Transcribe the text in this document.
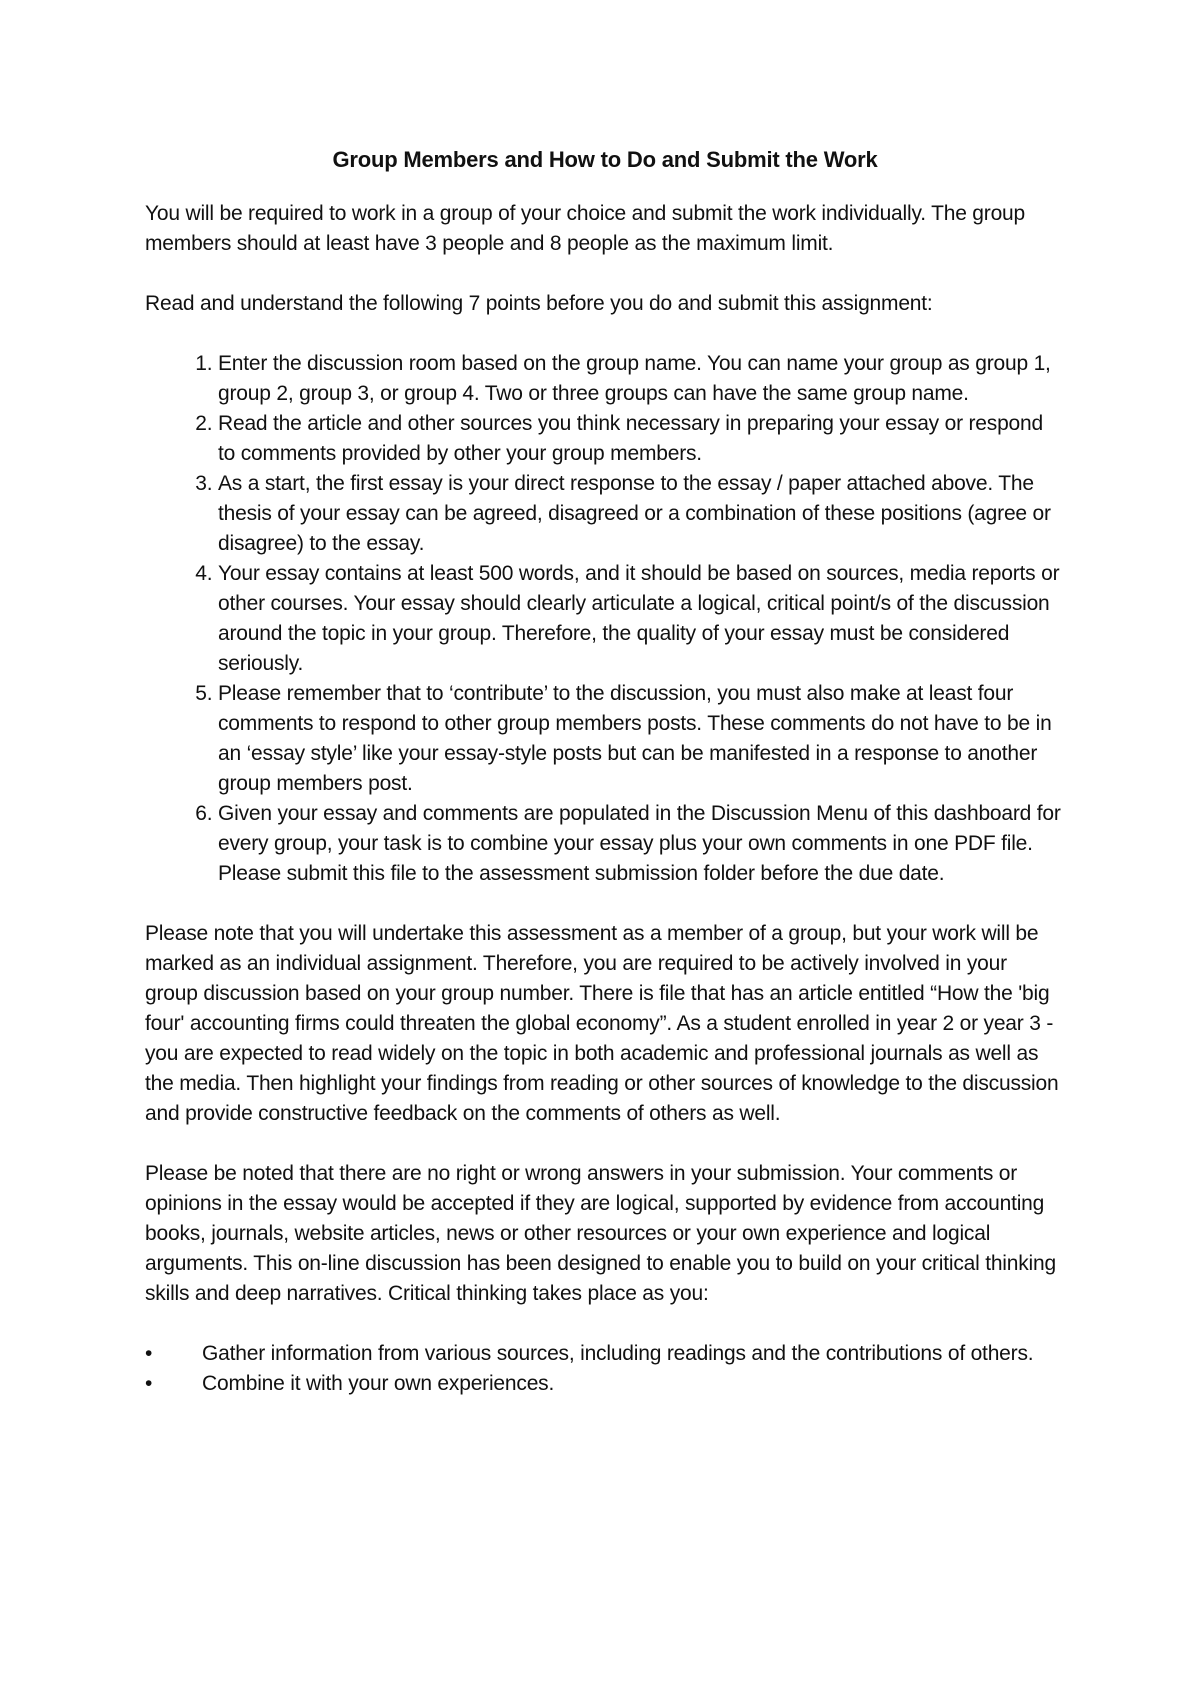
Group Members and How to Do and Submit the Work

You will be required to work in a group of your choice and submit the work individually. The group members should at least have 3 people and 8 people as the maximum limit.

Read and understand the following 7 points before you do and submit this assignment:

1. Enter the discussion room based on the group name. You can name your group as group 1, group 2, group 3, or group 4. Two or three groups can have the same group name.
2. Read the article and other sources you think necessary in preparing your essay or respond to comments provided by other your group members.
3. As a start, the first essay is your direct response to the essay / paper attached above. The thesis of your essay can be agreed, disagreed or a combination of these positions (agree or disagree) to the essay.
4. Your essay contains at least 500 words, and it should be based on sources, media reports or other courses. Your essay should clearly articulate a logical, critical point/s of the discussion around the topic in your group. Therefore, the quality of your essay must be considered seriously.
5. Please remember that to ‘contribute’ to the discussion, you must also make at least four comments to respond to other group members posts. These comments do not have to be in an ‘essay style’ like your essay-style posts but can be manifested in a response to another group members post.
6. Given your essay and comments are populated in the Discussion Menu of this dashboard for every group, your task is to combine your essay plus your own comments in one PDF file. Please submit this file to the assessment submission folder before the due date.

Please note that you will undertake this assessment as a member of a group, but your work will be marked as an individual assignment. Therefore, you are required to be actively involved in your group discussion based on your group number. There is file that has an article entitled “How the 'big four' accounting firms could threaten the global economy”. As a student enrolled in year 2 or year 3 - you are expected to read widely on the topic in both academic and professional journals as well as the media. Then highlight your findings from reading or other sources of knowledge to the discussion and provide constructive feedback on the comments of others as well.

Please be noted that there are no right or wrong answers in your submission. Your comments or opinions in the essay would be accepted if they are logical, supported by evidence from accounting books, journals, website articles, news or other resources or your own experience and logical arguments. This on-line discussion has been designed to enable you to build on your critical thinking skills and deep narratives. Critical thinking takes place as you:

• Gather information from various sources, including readings and the contributions of others.
• Combine it with your own experiences.
